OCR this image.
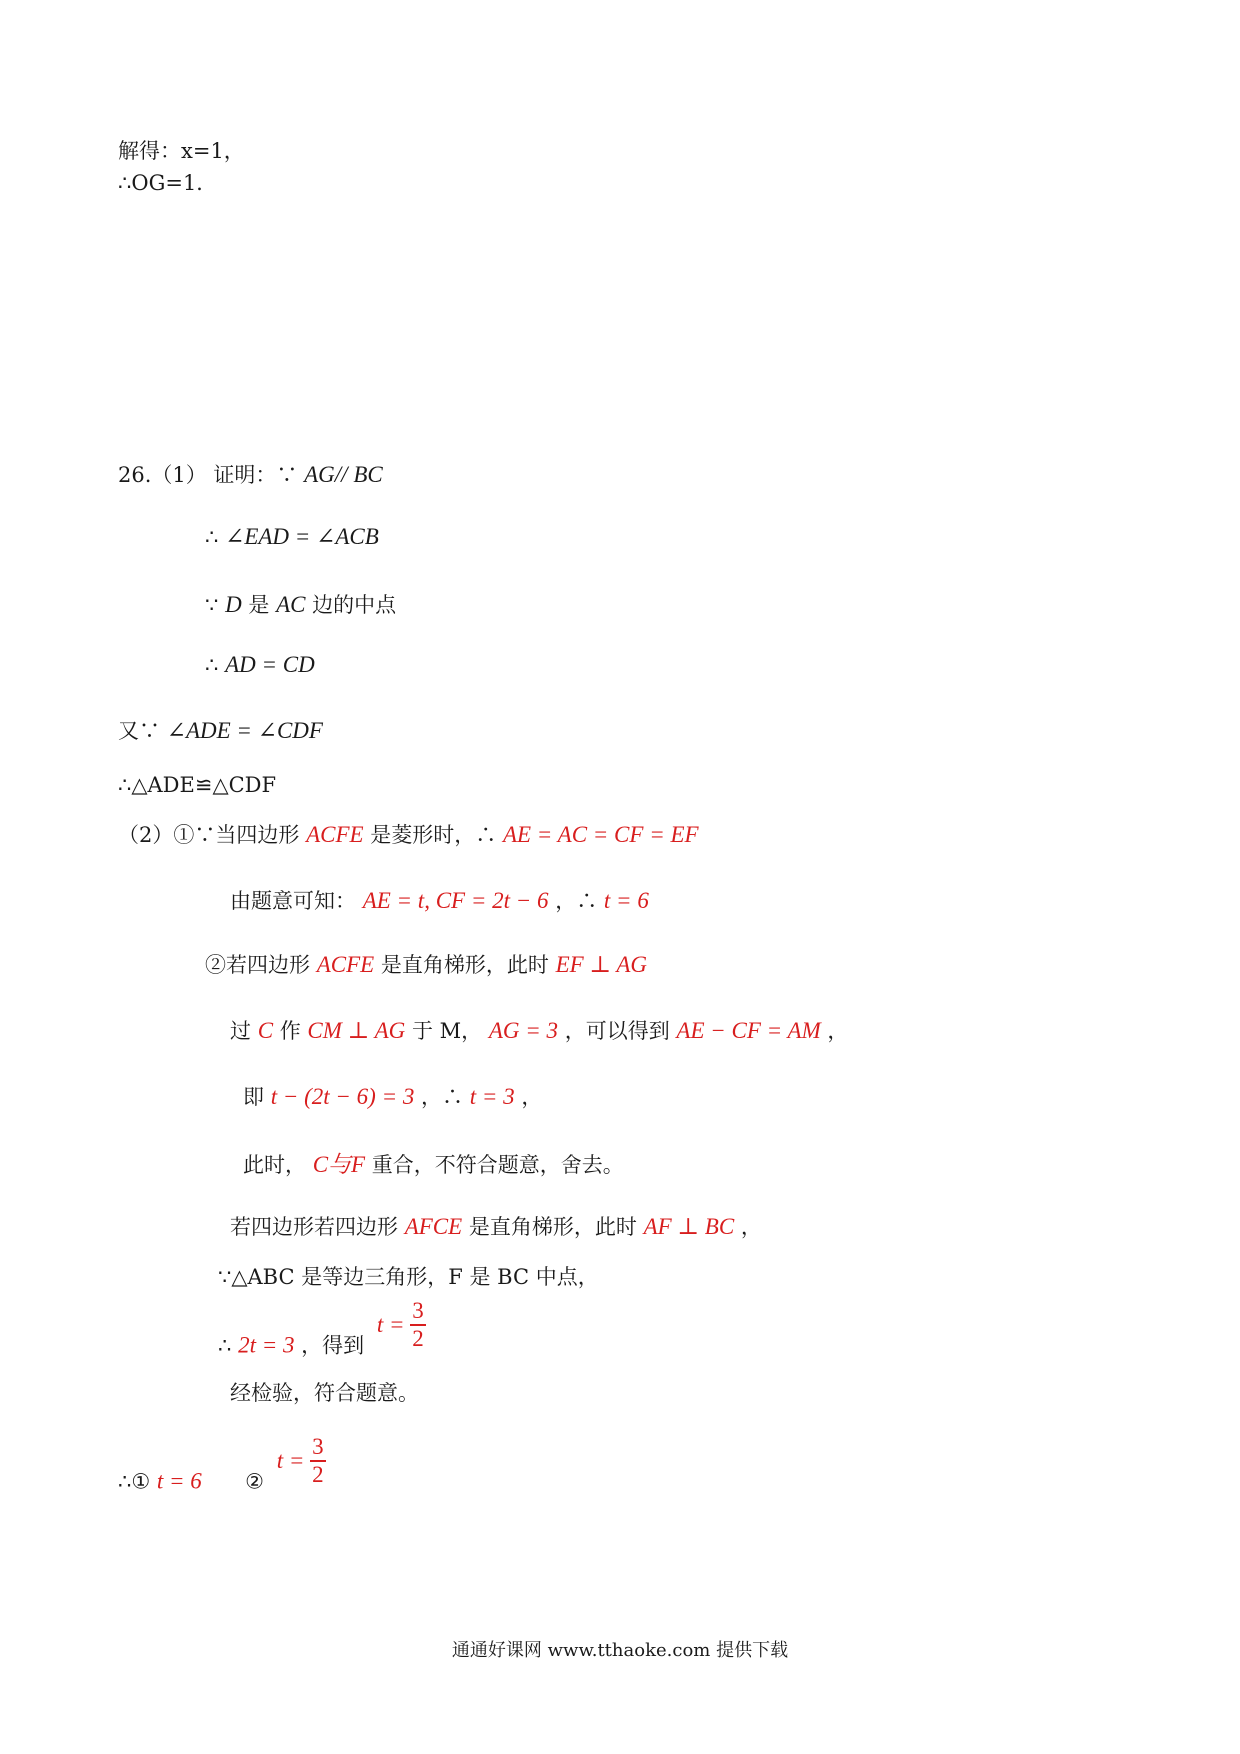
解得：x=1，
∴OG=1．
26.（1） 证明：∵ AG// BC
∴ ∠EAD = ∠ACB
∵ D 是 AC 边的中点
∴ AD = CD
又∵ ∠ADE = ∠CDF
∴△ADE≌△CDF
（2）①∵当四边形 ACFE 是菱形时，∴ AE = AC = CF = EF
由题意可知： AE = t, CF = 2t − 6 ，∴ t = 6
②若四边形 ACFE 是直角梯形，此时 EF ⊥ AG
过 C 作 CM ⊥ AG 于 M， AG = 3 ，可以得到 AE − CF = AM ，
即 t − (2t − 6) = 3 ，∴ t = 3 ，
此时， C与F 重合，不符合题意，舍去。
若四边形若四边形 AFCE 是直角梯形，此时 AF ⊥ BC ，
∵△ABC 是等边三角形，F 是 BC 中点，
∴ 2t = 3 ，得到 $t = \frac{3}{2}$
经检验，符合题意。
∴① t = 6 ② $t = \frac{3}{2}$
通通好课网 www.tthaoke.com 提供下载
